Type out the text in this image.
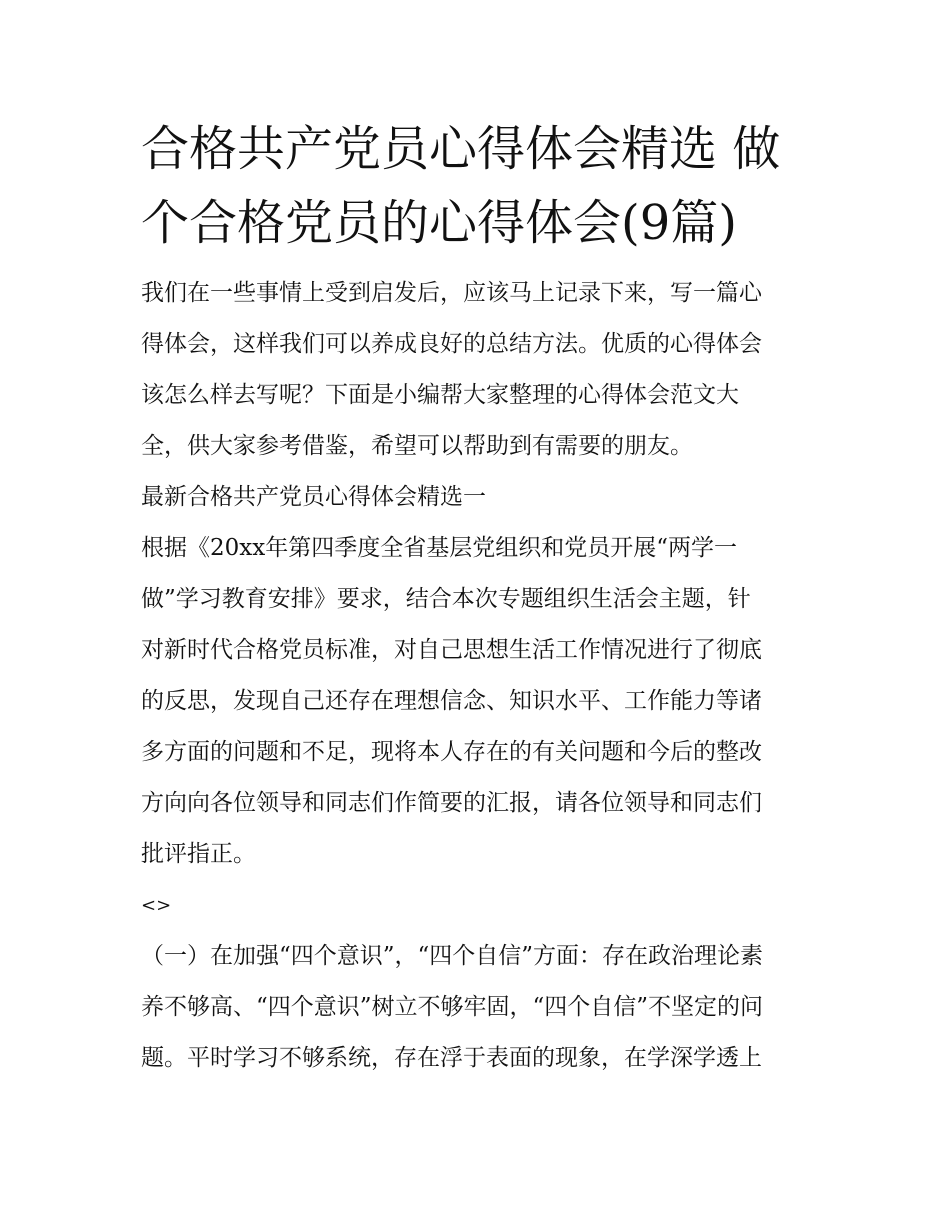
合格共产党员心得体会精选 做
个合格党员的心得体会(9篇)

我们在一些事情上受到启发后，应该马上记录下来，写一篇心

得体会，这样我们可以养成良好的总结方法。优质的心得体会

该怎么样去写呢？下面是小编帮大家整理的心得体会范文大

全，供大家参考借鉴，希望可以帮助到有需要的朋友。

最新合格共产党员心得体会精选一

根据《20xx年第四季度全省基层党组织和党员开展“两学一

做”学习教育安排》要求，结合本次专题组织生活会主题，针

对新时代合格党员标准，对自己思想生活工作情况进行了彻底

的反思，发现自己还存在理想信念、知识水平、工作能力等诸

多方面的问题和不足，现将本人存在的有关问题和今后的整改

方向向各位领导和同志们作简要的汇报，请各位领导和同志们

批评指正。

<>

（一）在加强“四个意识”，“四个自信”方面：存在政治理论素

养不够高、“四个意识”树立不够牢固，“四个自信”不坚定的问

题。平时学习不够系统，存在浮于表面的现象，在学深学透上
